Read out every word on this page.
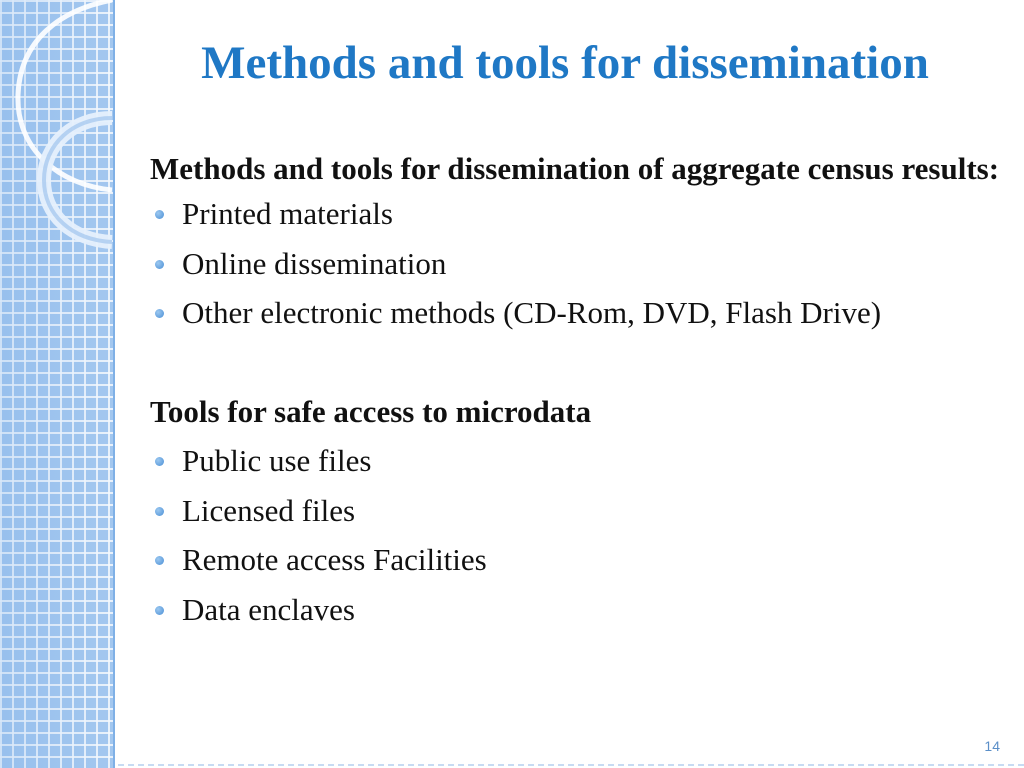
Methods and tools for dissemination

Methods and tools for dissemination of aggregate census results:

Printed materials
Online dissemination
Other electronic methods (CD-Rom, DVD, Flash Drive)

Tools for safe access to microdata

Public use files
Licensed files
Remote access Facilities
Data enclaves
14
